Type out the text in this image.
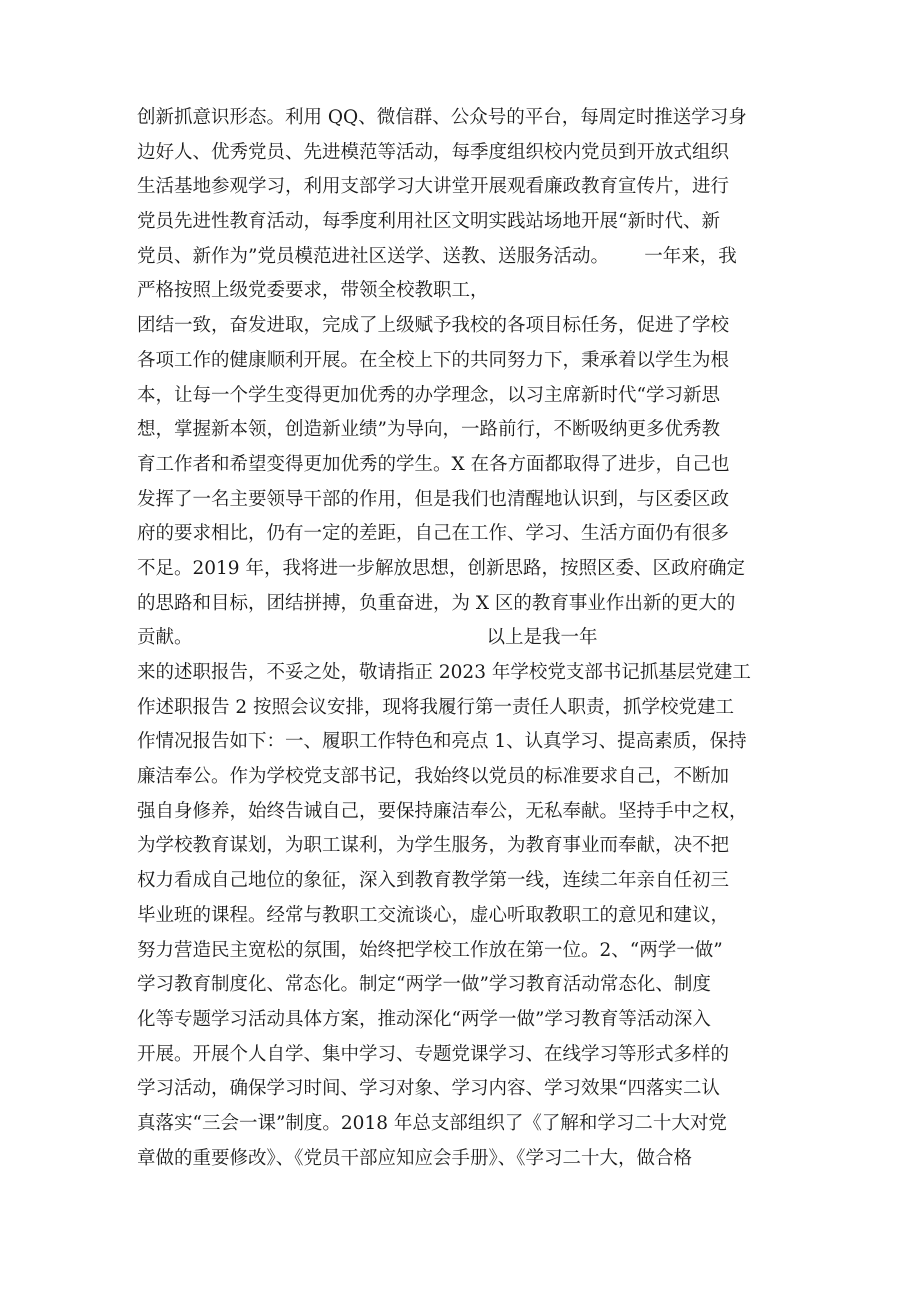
创新抓意识形态。利用 QQ、微信群、公众号的平台，每周定时推送学习身
边好人、优秀党员、先进模范等活动，每季度组织校内党员到开放式组织
生活基地参观学习，利用支部学习大讲堂开展观看廉政教育宣传片，进行
党员先进性教育活动，每季度利用社区文明实践站场地开展“新时代、新
党员、新作为”党员模范进社区送学、送教、送服务活动。      一年来，我
严格按照上级党委要求，带领全校教职工，
团结一致，奋发进取，完成了上级赋予我校的各项目标任务，促进了学校
各项工作的健康顺利开展。在全校上下的共同努力下，秉承着以学生为根
本，让每一个学生变得更加优秀的办学理念，以习主席新时代“学习新思
想，掌握新本领，创造新业绩”为导向，一路前行，不断吸纳更多优秀教
育工作者和希望变得更加优秀的学生。X 在各方面都取得了进步，自己也
发挥了一名主要领导干部的作用，但是我们也清醒地认识到，与区委区政
府的要求相比，仍有一定的差距，自己在工作、学习、生活方面仍有很多
不足。2019 年，我将进一步解放思想，创新思路，按照区委、区政府确定
的思路和目标，团结拼搏，负重奋进，为 X 区的教育事业作出新的更大的
贡献。                                                  以上是我一年
来的述职报告，不妥之处，敬请指正 2023 年学校党支部书记抓基层党建工
作述职报告 2 按照会议安排，现将我履行第一责任人职责，抓学校党建工
作情况报告如下：一、履职工作特色和亮点 1、认真学习、提高素质，保持
廉洁奉公。作为学校党支部书记，我始终以党员的标准要求自己，不断加
强自身修养，始终告诫自己，要保持廉洁奉公，无私奉献。坚持手中之权，
为学校教育谋划，为职工谋利，为学生服务，为教育事业而奉献，决不把
权力看成自己地位的象征，深入到教育教学第一线，连续二年亲自任初三
毕业班的课程。经常与教职工交流谈心，虚心听取教职工的意见和建议，
努力营造民主宽松的氛围，始终把学校工作放在第一位。2、“两学一做”
学习教育制度化、常态化。制定“两学一做”学习教育活动常态化、制度
化等专题学习活动具体方案，推动深化“两学一做”学习教育等活动深入
开展。开展个人自学、集中学习、专题党课学习、在线学习等形式多样的
学习活动，确保学习时间、学习对象、学习内容、学习效果“四落实二认
真落实“三会一课”制度。2018 年总支部组织了《了解和学习二十大对党
章做的重要修改》、《党员干部应知应会手册》、《学习二十大，做合格
